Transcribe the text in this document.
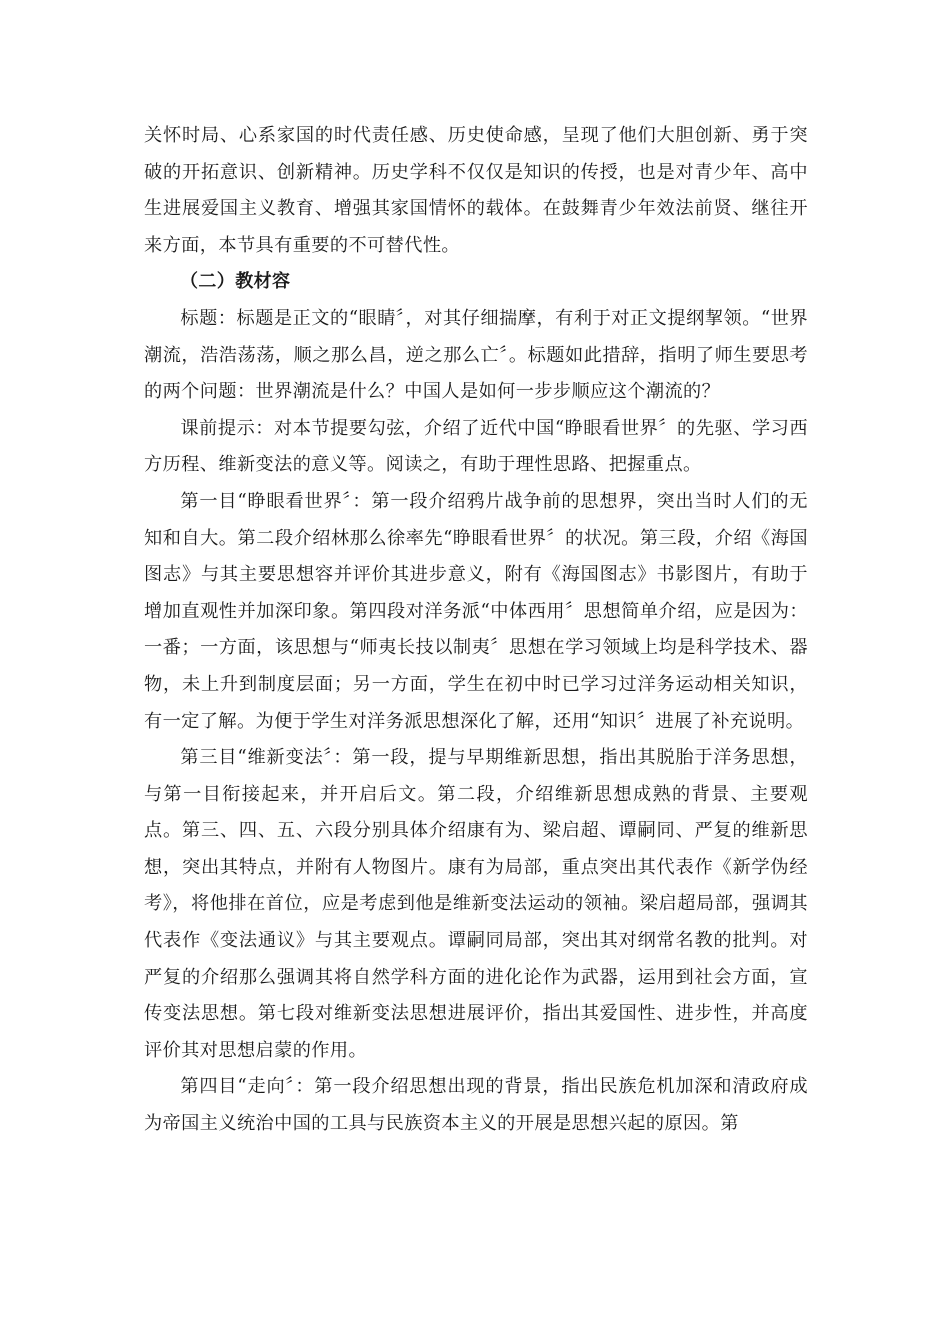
关怀时局、心系家国的时代责任感、历史使命感，呈现了他们大胆创新、勇于突破的开拓意识、创新精神。历史学科不仅仅是知识的传授，也是对青少年、高中生进展爱国主义教育、增强其家国情怀的载体。在鼓舞青少年效法前贤、继往开来方面，本节具有重要的不可替代性。

（二）教材容

标题：标题是正文的“眼睛〞，对其仔细揣摩，有利于对正文提纲挈领。“世界潮流，浩浩荡荡，顺之那么昌，逆之那么亡〞。标题如此措辞，指明了师生要思考的两个问题：世界潮流是什么？中国人是如何一步步顺应这个潮流的？

课前提示：对本节提要勾弦，介绍了近代中国“睁眼看世界〞的先驱、学习西方历程、维新变法的意义等。阅读之，有助于理性思路、把握重点。

第一目“睁眼看世界〞：第一段介绍鸦片战争前的思想界，突出当时人们的无知和自大。第二段介绍林那么徐率先“睁眼看世界〞的状况。第三段，介绍《海国图志》与其主要思想容并评价其进步意义，附有《海国图志》书影图片，有助于增加直观性并加深印象。第四段对洋务派“中体西用〞思想简单介绍，应是因为：一番；一方面，该思想与“师夷长技以制夷〞思想在学习领域上均是科学技术、器物，未上升到制度层面；另一方面，学生在初中时已学习过洋务运动相关知识，有一定了解。为便于学生对洋务派思想深化了解，还用“知识〞进展了补充说明。

第三目“维新变法〞：第一段，提与早期维新思想，指出其脱胎于洋务思想，与第一目衔接起来，并开启后文。第二段，介绍维新思想成熟的背景、主要观点。第三、四、五、六段分别具体介绍康有为、梁启超、谭嗣同、严复的维新思想，突出其特点，并附有人物图片。康有为局部，重点突出其代表作《新学伪经考》，将他排在首位，应是考虑到他是维新变法运动的领袖。梁启超局部，强调其代表作《变法通议》与其主要观点。谭嗣同局部，突出其对纲常名教的批判。对严复的介绍那么强调其将自然学科方面的进化论作为武器，运用到社会方面，宣传变法思想。第七段对维新变法思想进展评价，指出其爱国性、进步性，并高度评价其对思想启蒙的作用。

第四目“走向〞：第一段介绍思想出现的背景，指出民族危机加深和清政府成为帝国主义统治中国的工具与民族资本主义的开展是思想兴起的原因。第
